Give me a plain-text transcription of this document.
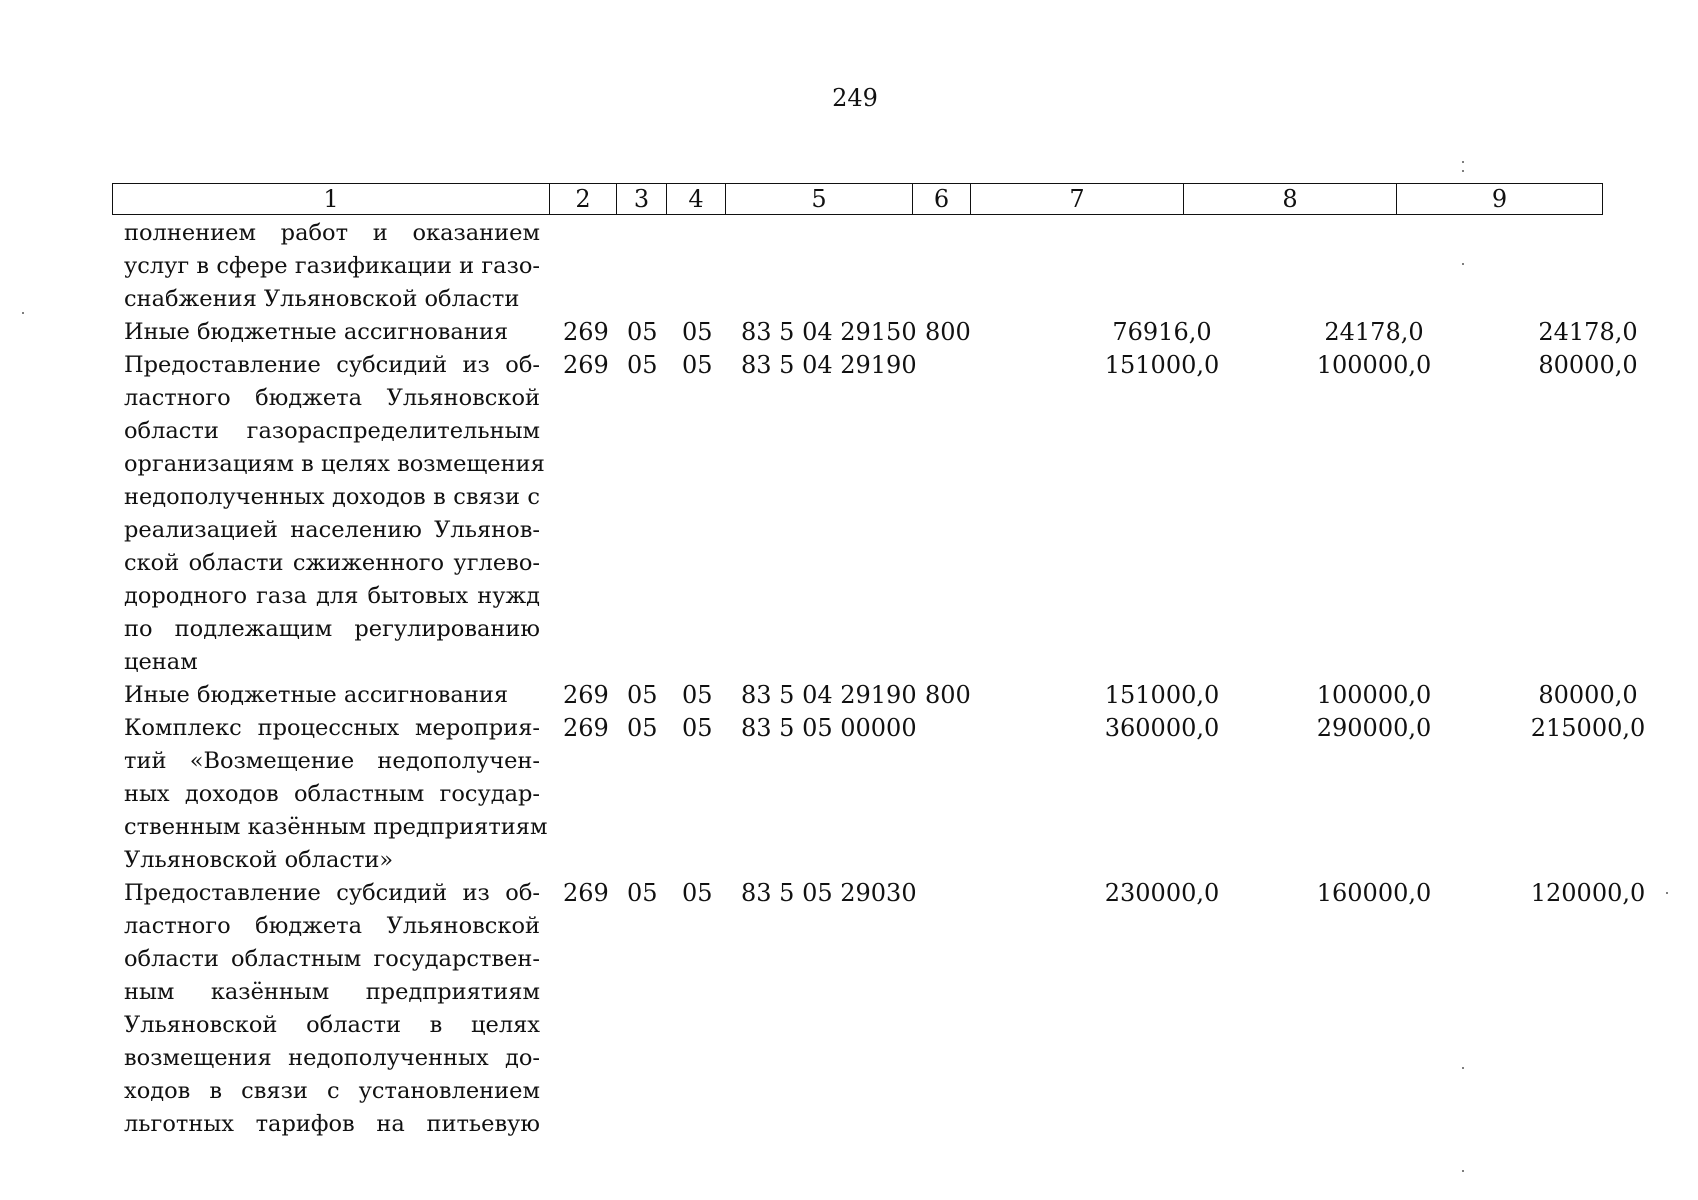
249
1	2	3	4	5	6	7	8	9
полнением работ и оказанием
услуг в сфере газификации и газо-
снабжения Ульяновской области
Иные бюджетные ассигнования	269 05 05 83 5 04 29150 800	76916,0	24178,0	24178,0
Предоставление субсидий из об-
ластного бюджета Ульяновской
области газораспределительным
организациям в целях возмещения
недополученных доходов в связи с
реализацией населению Ульянов-
ской области сжиженного углево-
дородного газа для бытовых нужд
по подлежащим регулированию
ценам
269 05 05 83 5 04 29190	151000,0	100000,0	80000,0
Иные бюджетные ассигнования	269 05 05 83 5 04 29190 800	151000,0	100000,0	80000,0
Комплекс процессных мероприя-
тий «Возмещение недополучен-
ных доходов областным государ-
ственным казённым предприятиям
Ульяновской области»
269 05 05 83 5 05 00000	360000,0	290000,0	215000,0
Предоставление субсидий из об-
ластного бюджета Ульяновской
области областным государствен-
ным казённым предприятиям
Ульяновской области в целях
возмещения недополученных до-
ходов в связи с установлением
льготных тарифов на питьевую
269 05 05 83 5 05 29030	230000,0	160000,0	120000,0
